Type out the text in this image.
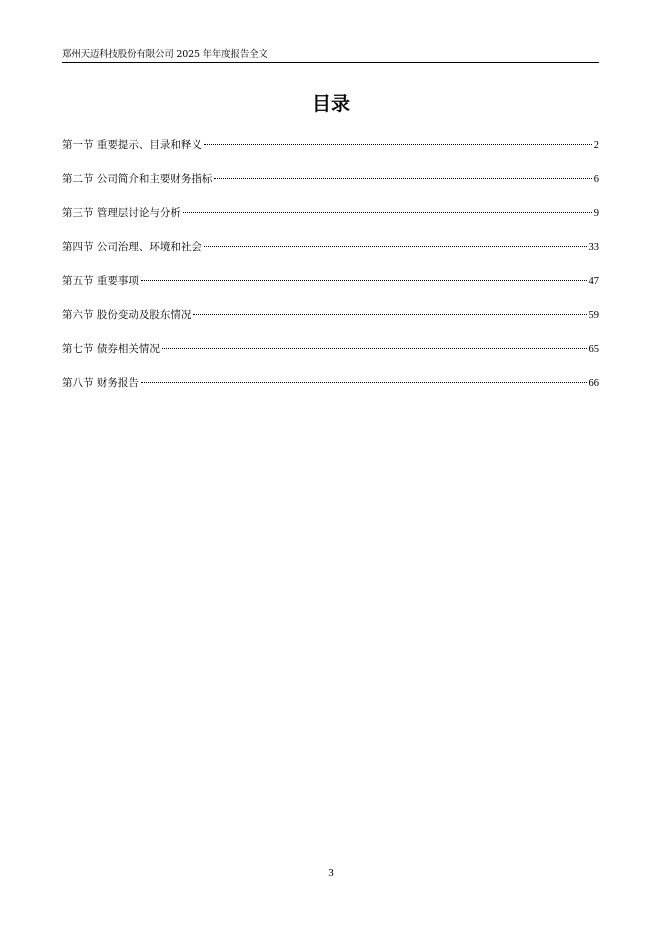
郑州天迈科技股份有限公司 2025 年年度报告全文
目录
第一节 重要提示、目录和释义	2
第二节 公司简介和主要财务指标	6
第三节 管理层讨论与分析	9
第四节 公司治理、环境和社会	33
第五节 重要事项	47
第六节 股份变动及股东情况	59
第七节 债券相关情况	65
第八节 财务报告	66
3
